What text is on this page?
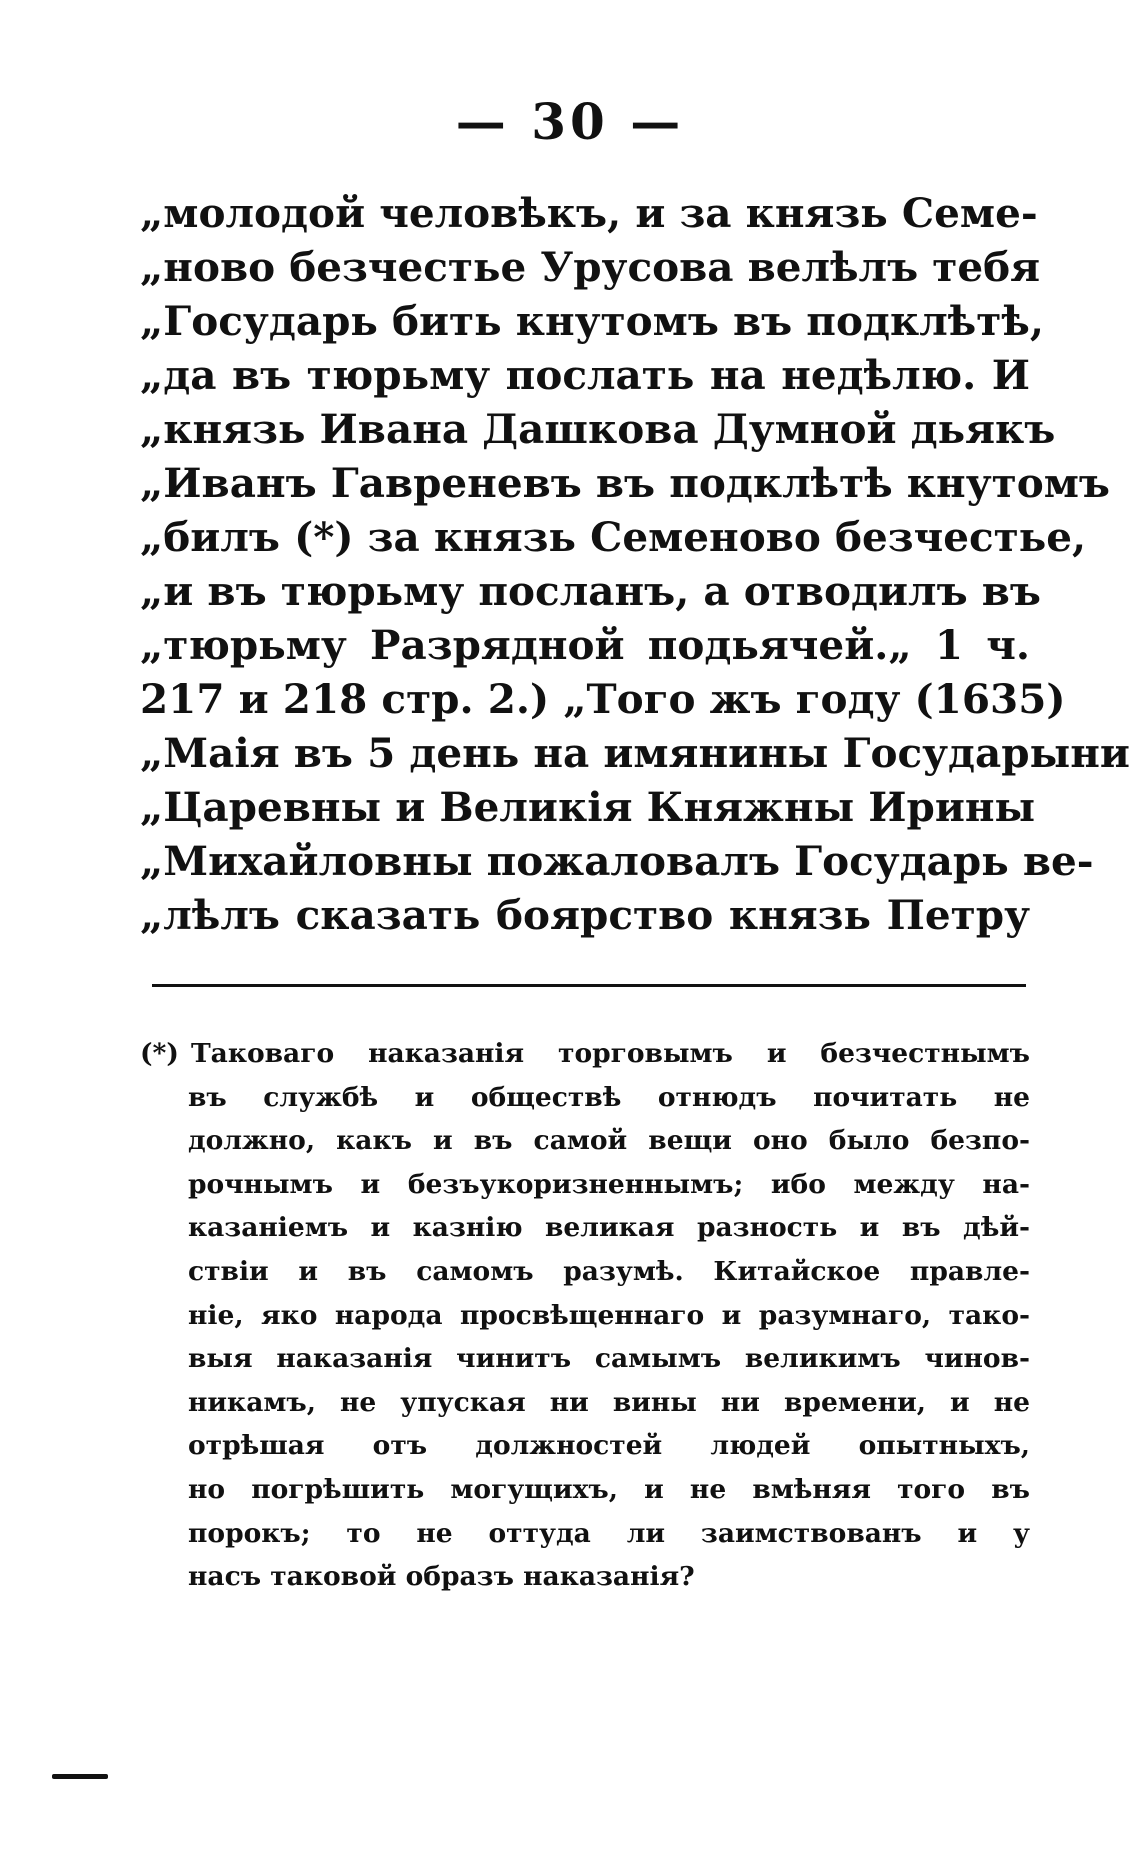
— 30 —
„молодой человѣкъ, и за князь Семе-
„ново безчестье Урусова велѣлъ тебя
„Государь бить кнутомъ въ подклѣтѣ,
„да въ тюрьму послать на недѣлю. И
„князь Ивана Дашкова Думной дьякъ
„Иванъ Гавреневъ въ подклѣтѣ кнутомъ
„билъ (*) за князь Семеново безчестье,
„и въ тюрьму посланъ, а отводилъ въ
„тюрьму Разрядной подьячей.„ 1 ч.
217 и 218 стр. 2.) „Того жъ году (1635)
„Маія въ 5 день на имянины Государыни
„Царевны и Великія Княжны Ирины
„Михайловны пожаловалъ Государь ве-
„лѣлъ сказать боярство князь Петру
(*) Таковаго наказанія торговымъ и безчестнымъ
въ службѣ и обществѣ отнюдъ почитать не
должно, какъ и въ самой вещи оно было безпо-
рочнымъ и безъукоризненнымъ; ибо между на-
казаніемъ и казнію великая разность и въ дѣй-
ствіи и въ самомъ разумѣ. Китайское правле-
ніе, яко народа просвѣщеннаго и разумнаго, тако-
выя наказанія чинитъ самымъ великимъ чинов-
никамъ, не упуская ни вины ни времени, и не
отрѣшая отъ должностей людей опытныхъ,
но погрѣшить могущихъ, и не вмѣняя того въ
порокъ; то не оттуда ли заимствованъ и у
насъ таковой образъ наказанія?
